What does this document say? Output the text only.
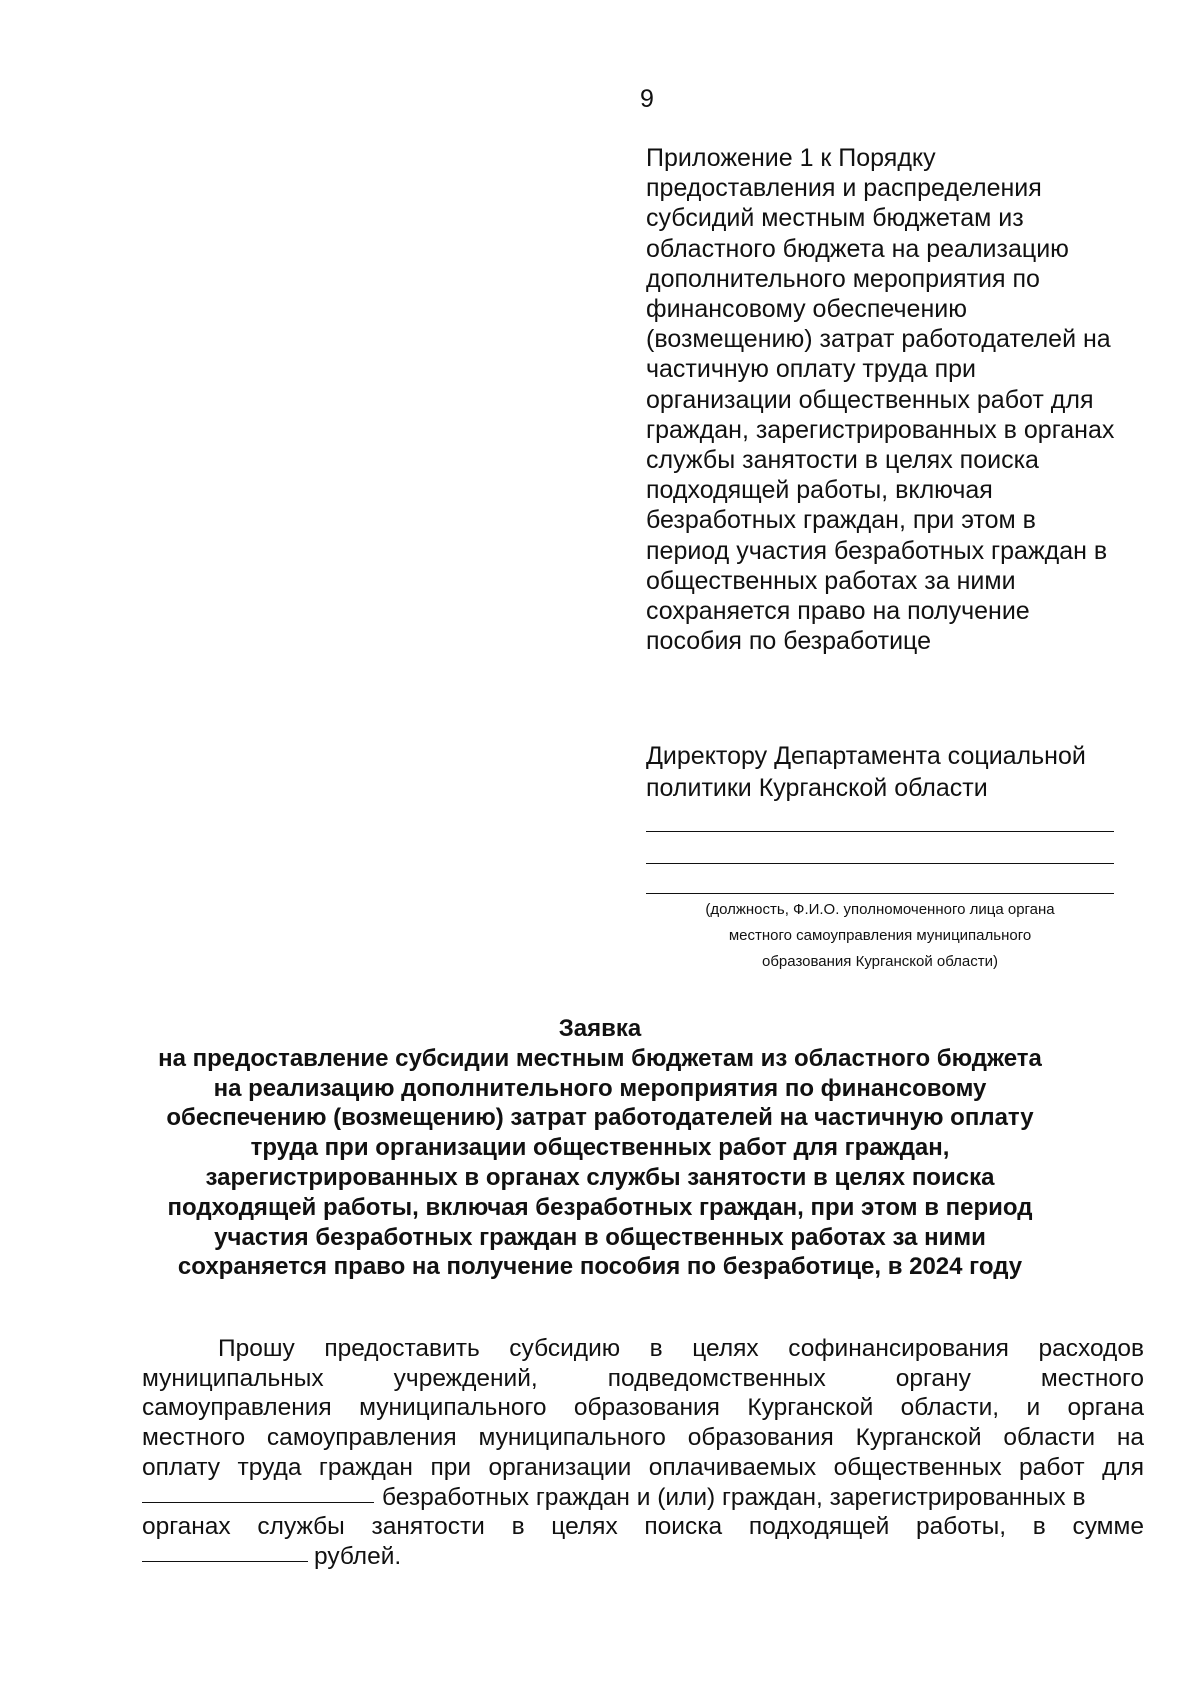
9
Приложение 1 к Порядку
предоставления и распределения
субсидий местным бюджетам из
областного бюджета на реализацию
дополнительного мероприятия по
финансовому обеспечению
(возмещению) затрат работодателей на
частичную оплату труда при
организации общественных работ для
граждан, зарегистрированных в органах
службы занятости в целях поиска
подходящей работы, включая
безработных граждан, при этом в
период участия безработных граждан в
общественных работах за ними
сохраняется право на получение
пособия по безработице
Директору Департамента социальной
политики Курганской области
(должность, Ф.И.О. уполномоченного лица органа
местного самоуправления муниципального
образования Курганской области)
Заявка
на предоставление субсидии местным бюджетам из областного бюджета
на реализацию дополнительного мероприятия по финансовому
обеспечению (возмещению) затрат работодателей на частичную оплату
труда при организации общественных работ для граждан,
зарегистрированных в органах службы занятости в целях поиска
подходящей работы, включая безработных граждан, при этом в период
участия безработных граждан в общественных работах за ними
сохраняется право на получение пособия по безработице, в 2024 году
Прошу предоставить субсидию в целях софинансирования расходов
муниципальных учреждений, подведомственных органу местного
самоуправления муниципального образования Курганской области, и органа
местного самоуправления муниципального образования Курганской области на
оплату труда граждан при организации оплачиваемых общественных работ для
безработных граждан и (или) граждан, зарегистрированных в
органах службы занятости в целях поиска подходящей работы, в сумме
рублей.
